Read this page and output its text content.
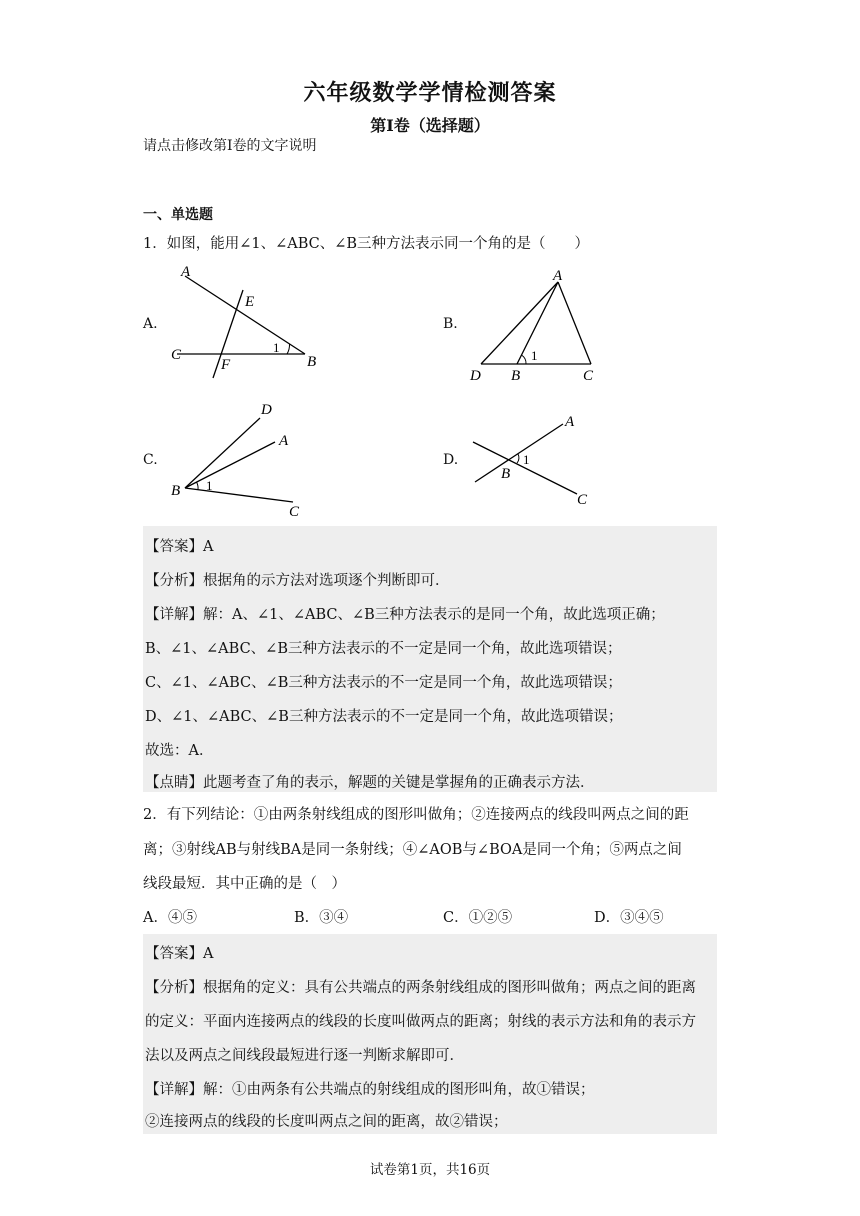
六年级数学学情检测答案
第Ⅰ卷（选择题）
请点击修改第Ⅰ卷的文字说明
一、单选题
1．如图，能用∠1、∠ABC、∠B三种方法表示同一个角的是（　　）
A.
A
E
C
F	B
1
B.
A
D B	C
1
C.
D
A
B
C
1
D.
A
B
C
1
【答案】A
【分析】根据角的示方法对选项逐个判断即可．
【详解】解：A、∠1、∠ABC、∠B三种方法表示的是同一个角，故此选项正确；
B、∠1、∠ABC、∠B三种方法表示的不一定是同一个角，故此选项错误；
C、∠1、∠ABC、∠B三种方法表示的不一定是同一个角，故此选项错误；
D、∠1、∠ABC、∠B三种方法表示的不一定是同一个角，故此选项错误；
故选：A．
【点睛】此题考查了角的表示，解题的关键是掌握角的正确表示方法．
2．有下列结论：①由两条射线组成的图形叫做角；②连接两点的线段叫两点之间的距
离；③射线AB与射线BA是同一条射线；④∠AOB与∠BOA是同一个角；⑤两点之间
线段最短．其中正确的是（　）
A．④⑤	B．③④	C．①②⑤	D．③④⑤
【答案】A
【分析】根据角的定义：具有公共端点的两条射线组成的图形叫做角；两点之间的距离
的定义：平面内连接两点的线段的长度叫做两点的距离；射线的表示方法和角的表示方
法以及两点之间线段最短进行逐一判断求解即可．
【详解】解：①由两条有公共端点的射线组成的图形叫角，故①错误；
②连接两点的线段的长度叫两点之间的距离，故②错误；
试卷第1页，共16页
